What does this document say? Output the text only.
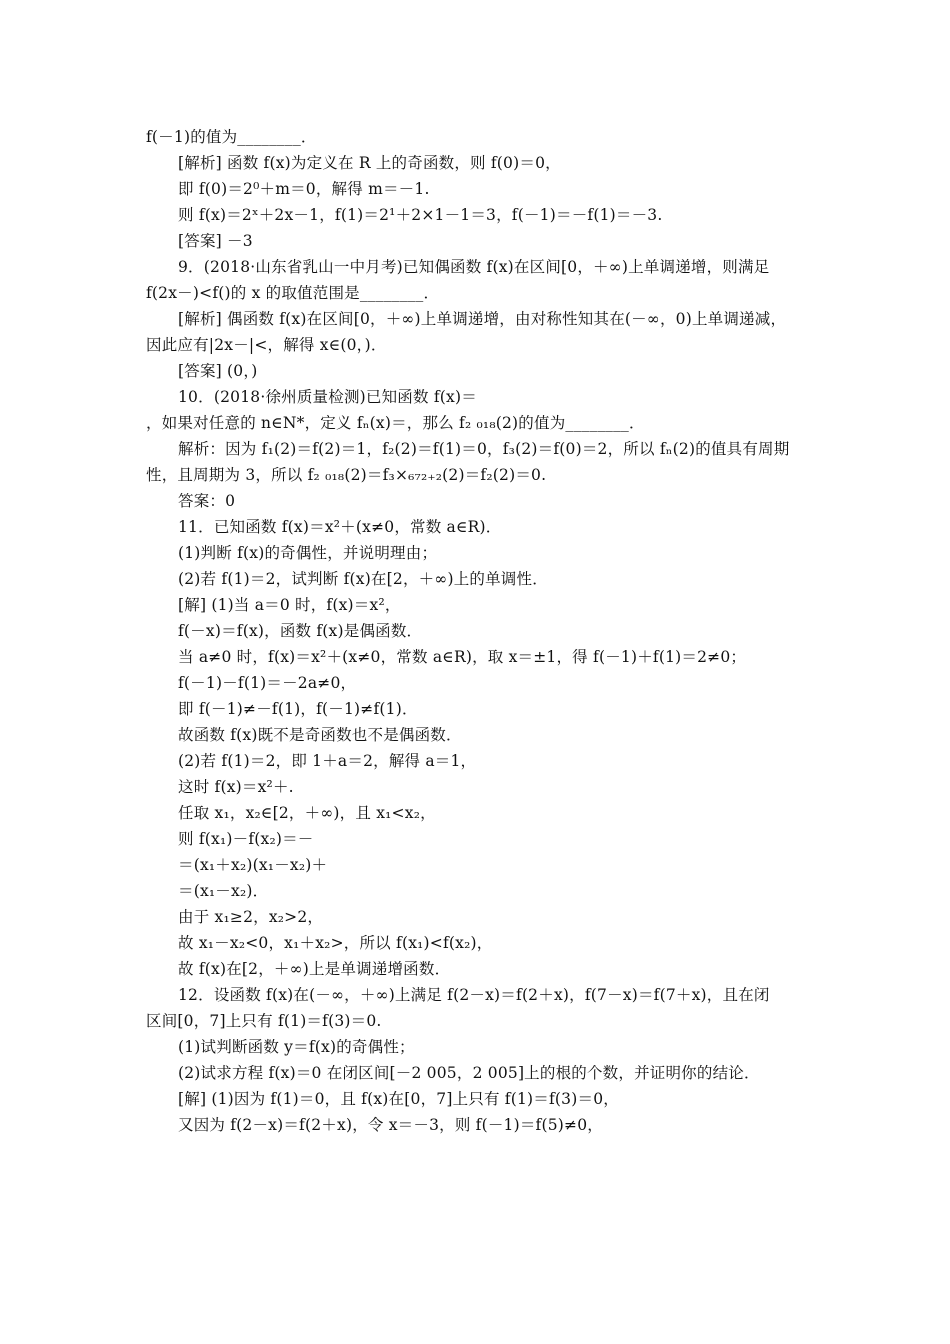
f(－1)的值为________．
[解析] 函数 f(x)为定义在 R 上的奇函数，则 f(0)＝0，
即 f(0)＝2⁰＋m＝0，解得 m＝－1.
则 f(x)＝2ˣ＋2x－1，f(1)＝2¹＋2×1－1＝3，f(－1)＝－f(1)＝－3.
[答案] －3
9．(2018·山东省乳山一中月考)已知偶函数 f(x)在区间[0，＋∞)上单调递增，则满足
f(2x－)<f()的 x 的取值范围是________．
[解析] 偶函数 f(x)在区间[0，＋∞)上单调递增，由对称性知其在(－∞，0)上单调递减，
因此应有|2x－|<，解得 x∈(0，)．
[答案] (0，)
10．(2018·徐州质量检测)已知函数 f(x)＝
，如果对任意的 n∈N*，定义 fₙ(x)＝，那么 f₂ ₀₁₈(2)的值为________．
解析：因为 f₁(2)＝f(2)＝1，f₂(2)＝f(1)＝0，f₃(2)＝f(0)＝2，所以 fₙ(2)的值具有周期
性，且周期为 3，所以 f₂ ₀₁₈(2)＝f₃×₆₇₂₊₂(2)＝f₂(2)＝0.
答案：0
11．已知函数 f(x)＝x²＋(x≠0，常数 a∈R)．
(1)判断 f(x)的奇偶性，并说明理由；
(2)若 f(1)＝2，试判断 f(x)在[2，＋∞)上的单调性．
[解] (1)当 a＝0 时，f(x)＝x²，
f(－x)＝f(x)，函数 f(x)是偶函数．
当 a≠0 时，f(x)＝x²＋(x≠0，常数 a∈R)，取 x＝±1，得 f(－1)＋f(1)＝2≠0；
f(－1)－f(1)＝－2a≠0，
即 f(－1)≠－f(1)，f(－1)≠f(1)．
故函数 f(x)既不是奇函数也不是偶函数．
(2)若 f(1)＝2，即 1＋a＝2，解得 a＝1，
这时 f(x)＝x²＋.
任取 x₁，x₂∈[2，＋∞)，且 x₁<x₂，
则 f(x₁)－f(x₂)＝－
＝(x₁＋x₂)(x₁－x₂)＋
＝(x₁－x₂)．
由于 x₁≥2，x₂>2，
故 x₁－x₂<0，x₁＋x₂>，所以 f(x₁)<f(x₂)，
故 f(x)在[2，＋∞)上是单调递增函数．
12．设函数 f(x)在(－∞，＋∞)上满足 f(2－x)＝f(2＋x)，f(7－x)＝f(7＋x)，且在闭
区间[0，7]上只有 f(1)＝f(3)＝0.
(1)试判断函数 y＝f(x)的奇偶性；
(2)试求方程 f(x)＝0 在闭区间[－2 005，2 005]上的根的个数，并证明你的结论．
[解] (1)因为 f(1)＝0，且 f(x)在[0，7]上只有 f(1)＝f(3)＝0，
又因为 f(2－x)＝f(2＋x)，令 x＝－3，则 f(－1)＝f(5)≠0，
